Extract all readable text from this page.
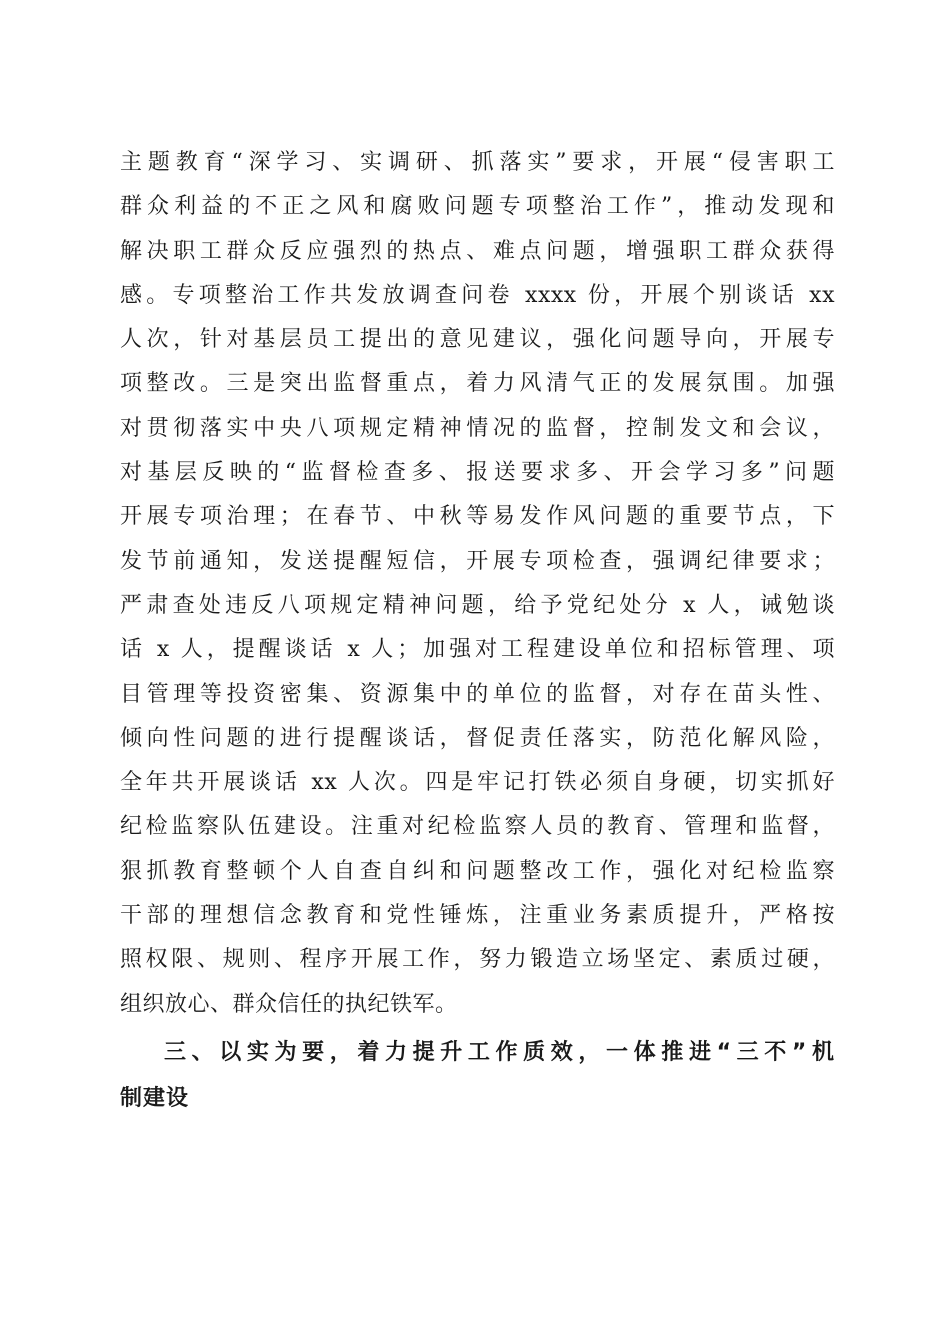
主题教育“深学习、实调研、抓落实”要求，开展“侵害职工
群众利益的不正之风和腐败问题专项整治工作”，推动发现和
解决职工群众反应强烈的热点、难点问题，增强职工群众获得
感。专项整治工作共发放调查问卷 xxxx 份，开展个别谈话 xx
人次，针对基层员工提出的意见建议，强化问题导向，开展专
项整改。三是突出监督重点，着力风清气正的发展氛围。加强
对贯彻落实中央八项规定精神情况的监督，控制发文和会议，
对基层反映的“监督检查多、报送要求多、开会学习多”问题
开展专项治理；在春节、中秋等易发作风问题的重要节点，下
发节前通知，发送提醒短信，开展专项检查，强调纪律要求；
严肃查处违反八项规定精神问题，给予党纪处分 x 人，诫勉谈
话 x 人，提醒谈话 x 人；加强对工程建设单位和招标管理、项
目管理等投资密集、资源集中的单位的监督，对存在苗头性、
倾向性问题的进行提醒谈话，督促责任落实，防范化解风险，
全年共开展谈话 xx 人次。四是牢记打铁必须自身硬，切实抓好
纪检监察队伍建设。注重对纪检监察人员的教育、管理和监督，
狠抓教育整顿个人自查自纠和问题整改工作，强化对纪检监察
干部的理想信念教育和党性锤炼，注重业务素质提升，严格按
照权限、规则、程序开展工作，努力锻造立场坚定、素质过硬，
组织放心、群众信任的执纪铁军。
三、以实为要，着力提升工作质效，一体推进“三不”机
制建设
